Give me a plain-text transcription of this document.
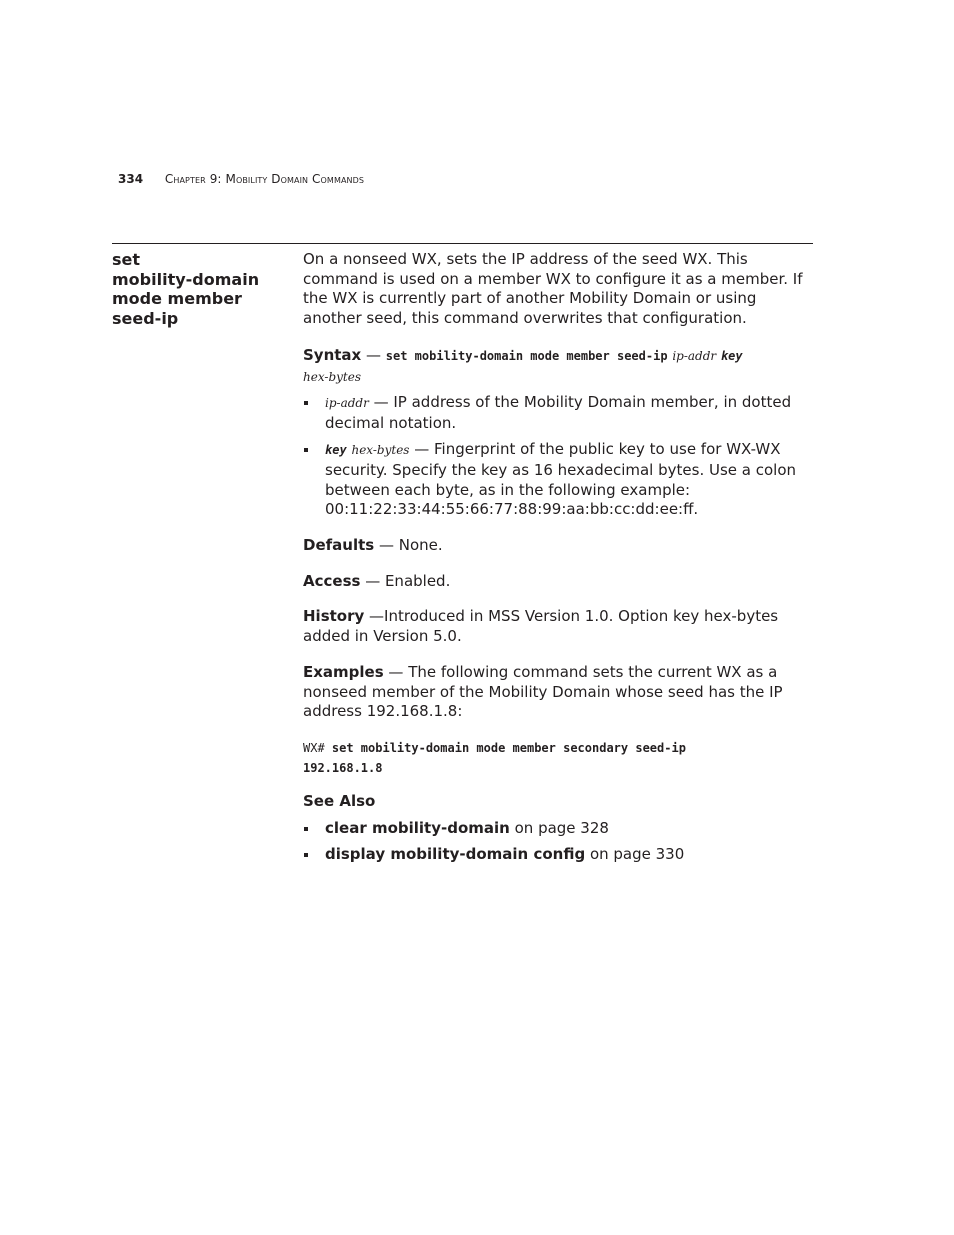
334 Chapter 9: Mobility Domain Commands
set
mobility-domain
mode member
seed-ip

On a nonseed WX, sets the IP address of the seed WX. This command is used on a member WX to configure it as a member. If the WX is currently part of another Mobility Domain or using another seed, this command overwrites that configuration.

Syntax — set mobility-domain mode member seed-ip ip-addr key
hex-bytes

ip-addr — IP address of the Mobility Domain member, in dotted decimal notation.
key hex-bytes — Fingerprint of the public key to use for WX-WX security. Specify the key as 16 hexadecimal bytes. Use a colon between each byte, as in the following example: 00:11:22:33:44:55:66:77:88:99:aa:bb:cc:dd:ee:ff.

Defaults — None.

Access — Enabled.

History —Introduced in MSS Version 1.0. Option key hex-bytes added in Version 5.0.

Examples — The following command sets the current WX as a nonseed member of the Mobility Domain whose seed has the IP address 192.168.1.8:

WX# set mobility-domain mode member secondary seed-ip
192.168.1.8

See Also

clear mobility-domain on page 328
display mobility-domain config on page 330
